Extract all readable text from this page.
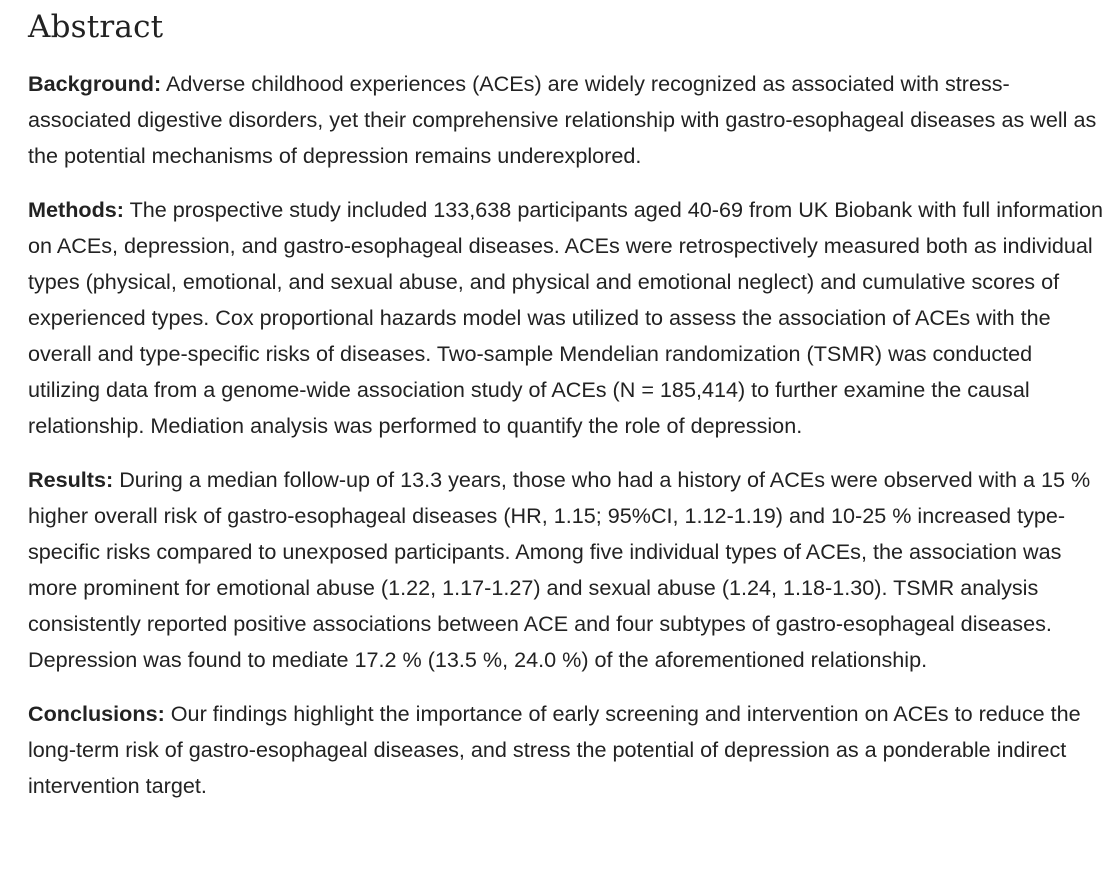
Abstract

Background: Adverse childhood experiences (ACEs) are widely recognized as associated with stress-associated digestive disorders, yet their comprehensive relationship with gastro-esophageal diseases as well as the potential mechanisms of depression remains underexplored.

Methods: The prospective study included 133,638 participants aged 40-69 from UK Biobank with full information on ACEs, depression, and gastro-esophageal diseases. ACEs were retrospectively measured both as individual types (physical, emotional, and sexual abuse, and physical and emotional neglect) and cumulative scores of experienced types. Cox proportional hazards model was utilized to assess the association of ACEs with the overall and type-specific risks of diseases. Two-sample Mendelian randomization (TSMR) was conducted utilizing data from a genome-wide association study of ACEs (N = 185,414) to further examine the causal relationship. Mediation analysis was performed to quantify the role of depression.

Results: During a median follow-up of 13.3 years, those who had a history of ACEs were observed with a 15 % higher overall risk of gastro-esophageal diseases (HR, 1.15; 95%CI, 1.12-1.19) and 10-25 % increased type-specific risks compared to unexposed participants. Among five individual types of ACEs, the association was more prominent for emotional abuse (1.22, 1.17-1.27) and sexual abuse (1.24, 1.18-1.30). TSMR analysis consistently reported positive associations between ACE and four subtypes of gastro-esophageal diseases. Depression was found to mediate 17.2 % (13.5 %, 24.0 %) of the aforementioned relationship.

Conclusions: Our findings highlight the importance of early screening and intervention on ACEs to reduce the long-term risk of gastro-esophageal diseases, and stress the potential of depression as a ponderable indirect intervention target.
